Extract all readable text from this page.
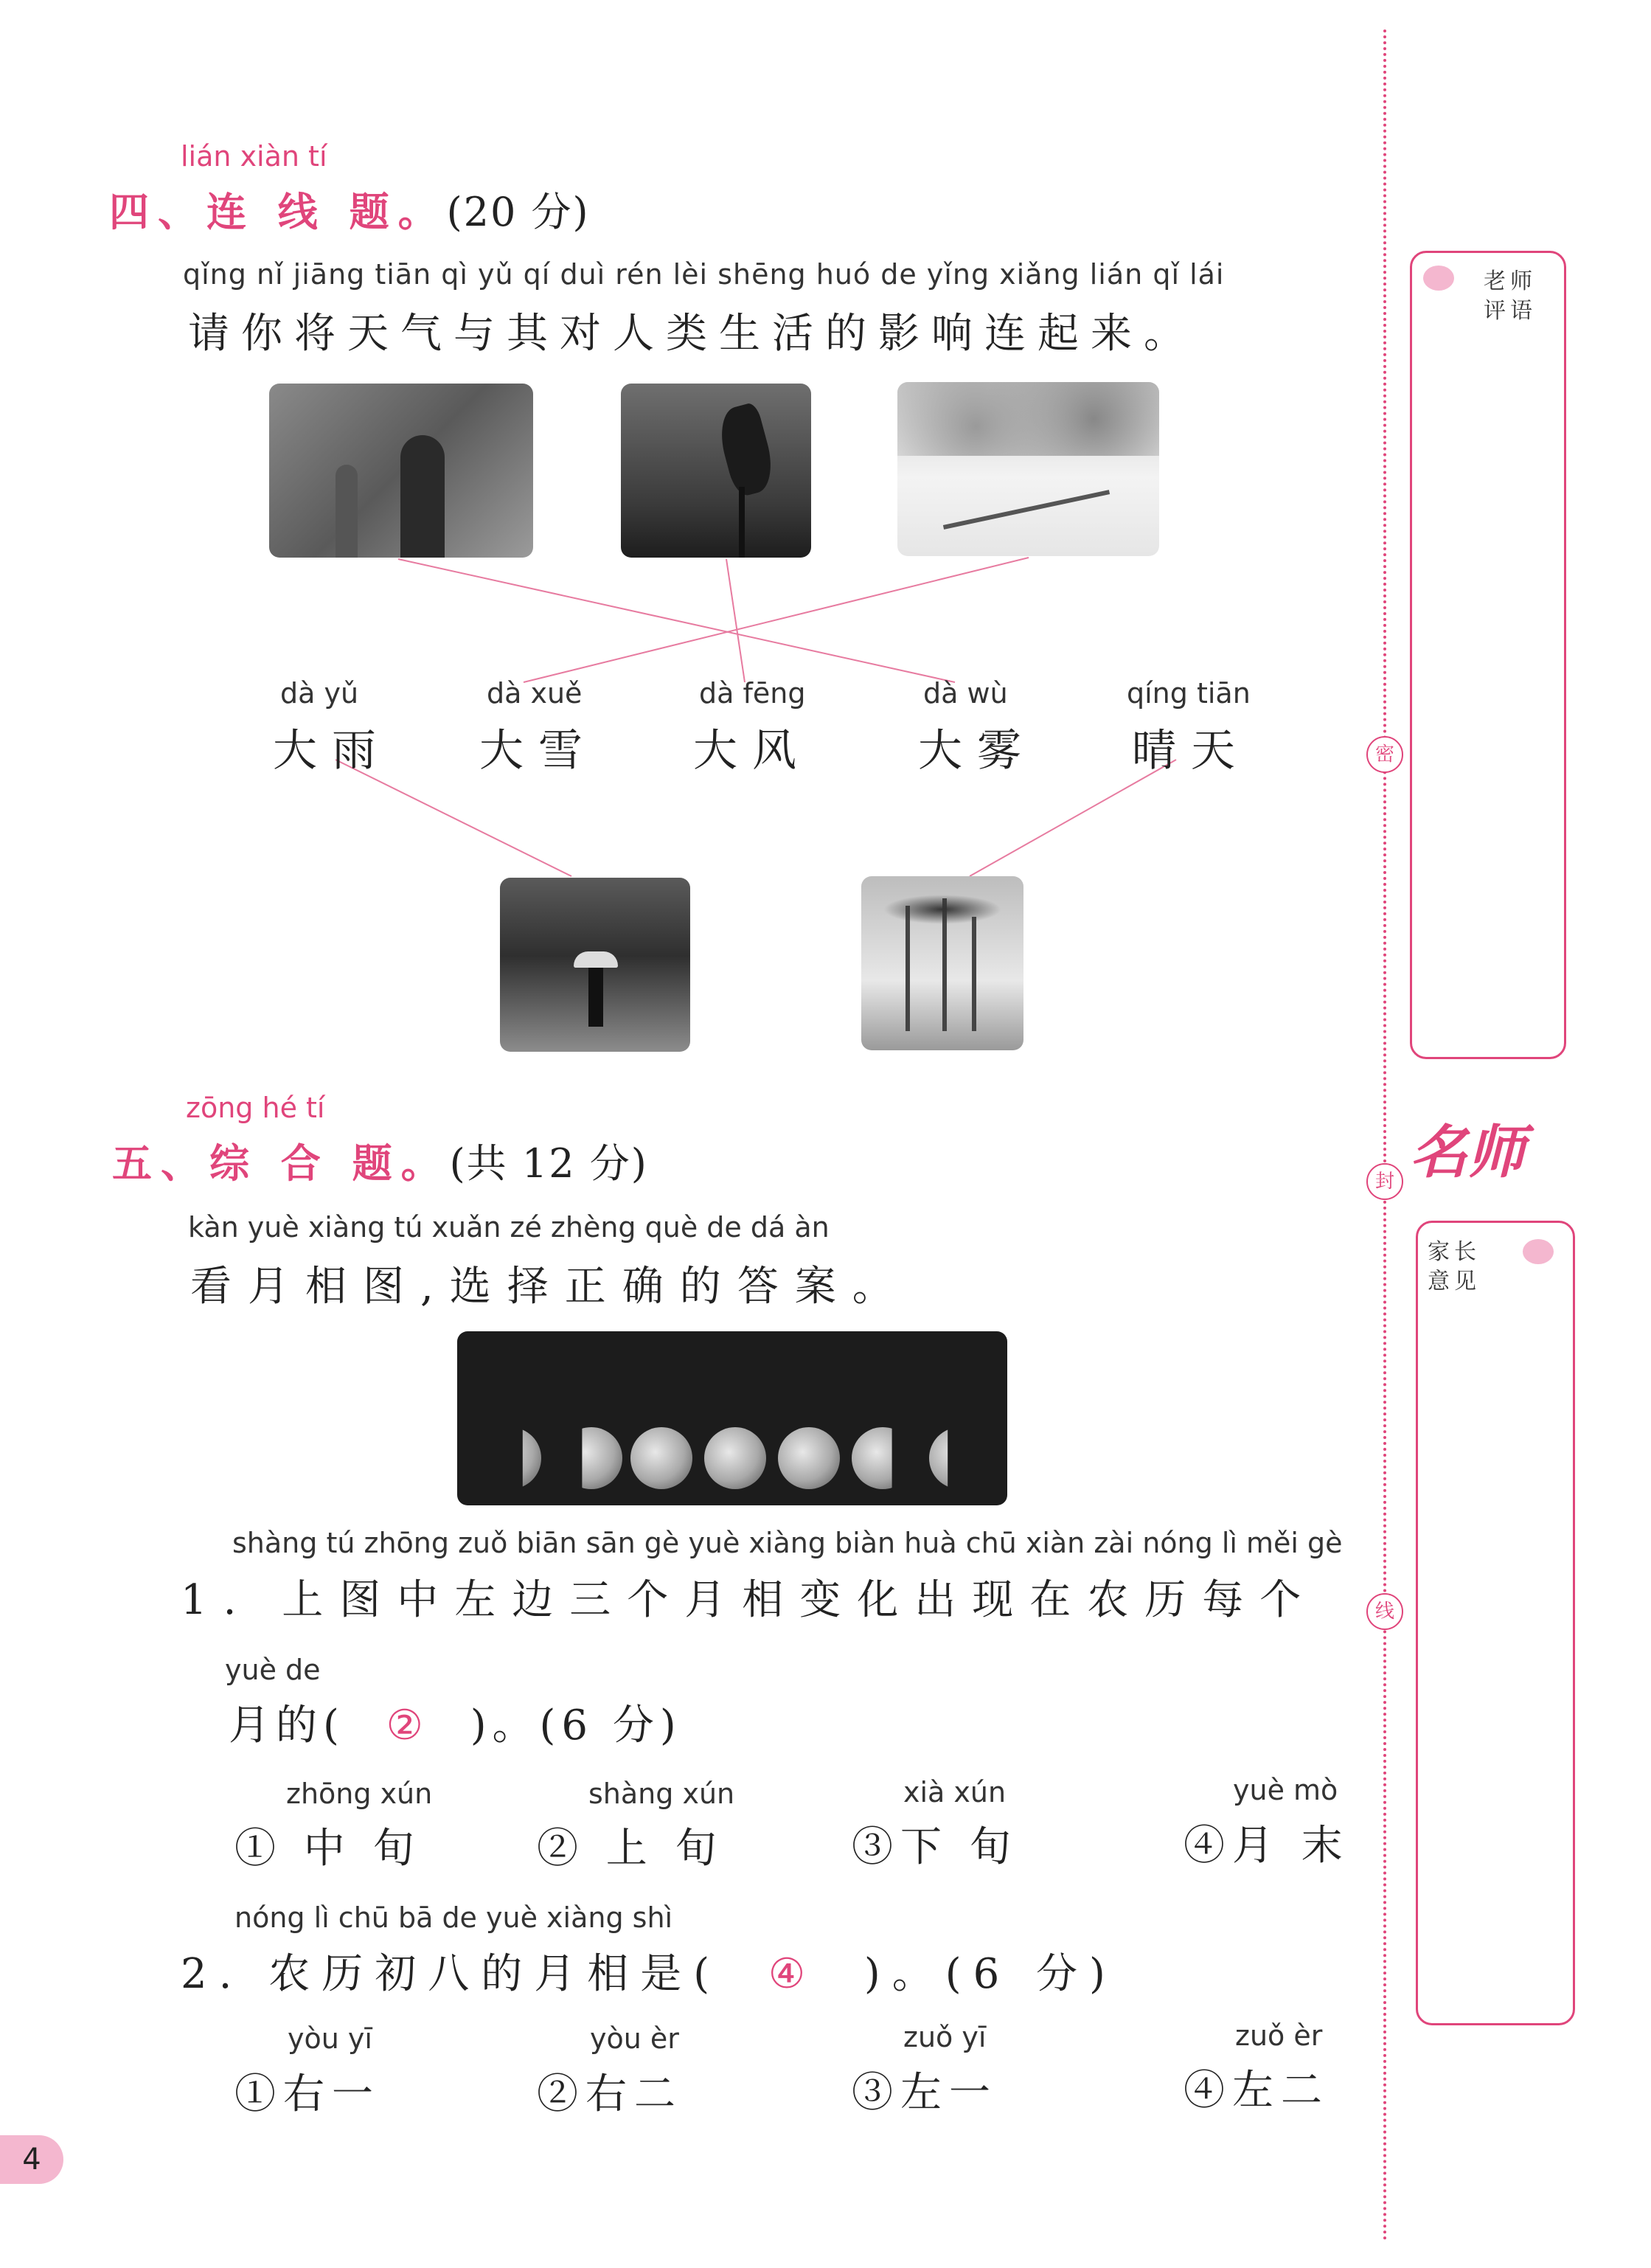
lián xiàn tí
四、连 线 题。(20 分)
qǐng nǐ jiāng tiān qì yǔ qí duì rén lèi shēng huó de yǐng xiǎng lián qǐ lái
请你将天气与其对人类生活的影响连起来。
dà yǔ
大雨
dà xuě
大雪
dà fēng
大风
dà wù
大雾
qíng tiān
晴天
zōng hé tí
五、综 合 题。(共 12 分)
kàn yuè xiàng tú xuǎn zé zhèng què de dá àn
看月相图,选择正确的答案。
shàng tú zhōng zuǒ biān sān gè yuè xiàng biàn huà chū xiàn zài nóng lì měi gè
1. 上图中左边三个月相变化出现在农历每个
yuè de
月的( ② )。(6 分)
zhōng xún
① 中 旬
shàng xún
② 上 旬
xià xún
③下 旬
yuè mò
④月 末
nóng lì chū bā de yuè xiàng shì
2. 农历初八的月相是( ④ )。(6 分)
yòu yī
①右一
yòu èr
②右二
zuǒ yī
③左一
zuǒ èr
④左二
密
封
线
老师评语
名师
家长意见
4
